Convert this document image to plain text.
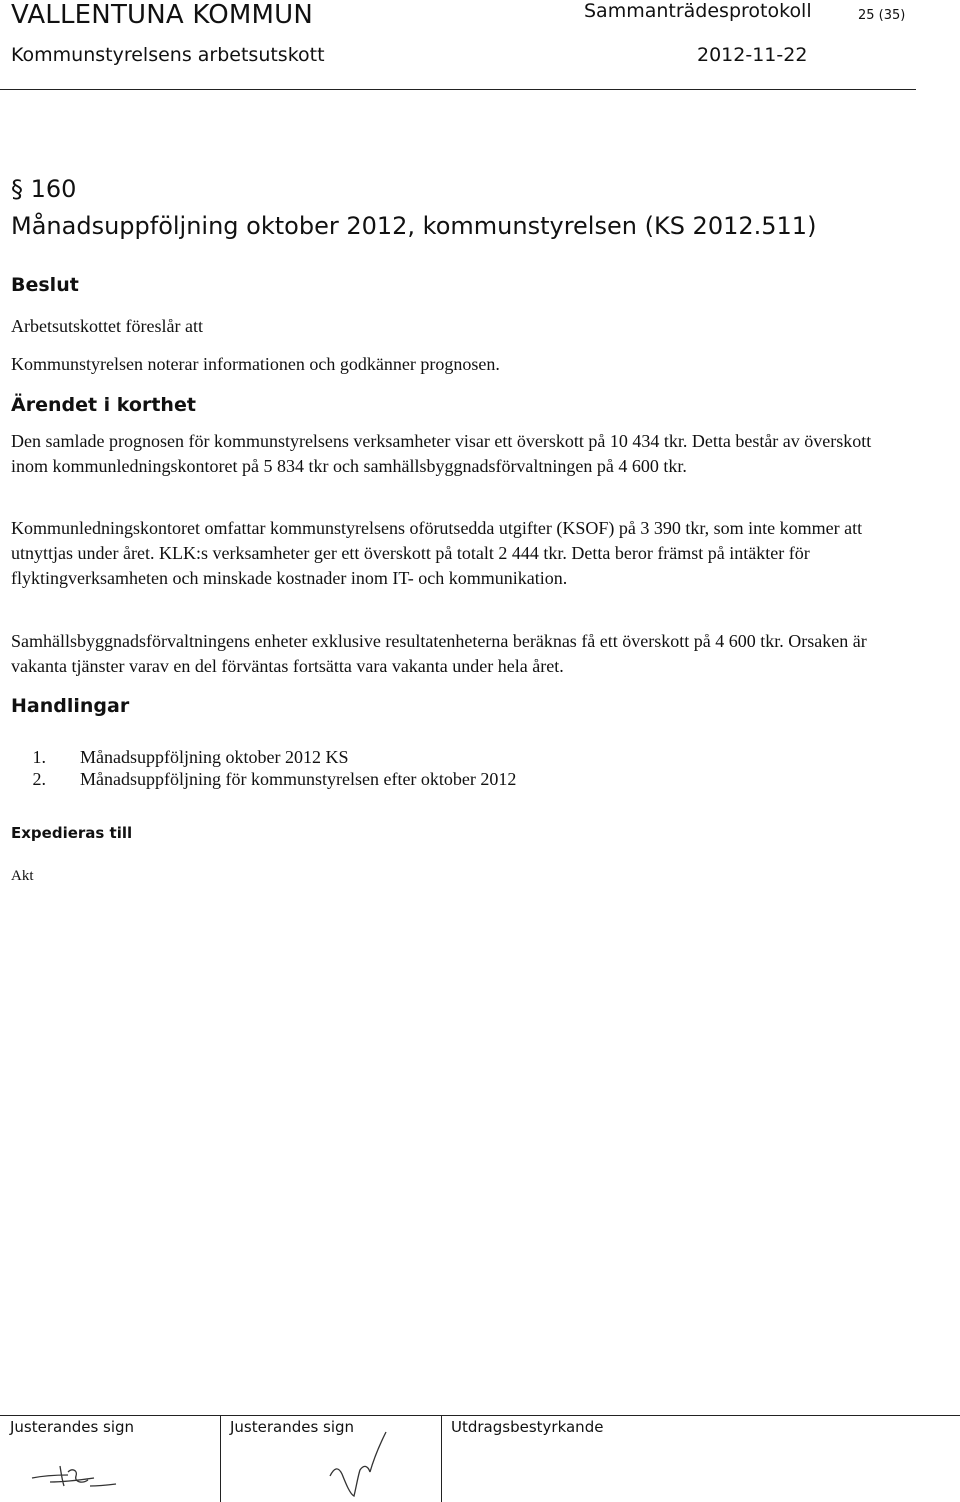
VALLENTUNA KOMMUN	Sammanträdesprotokoll	25 (35)
Kommunstyrelsens arbetsutskott	2012-11-22
§ 160
Månadsuppföljning oktober 2012, kommunstyrelsen (KS 2012.511)
Beslut

Arbetsutskottet föreslår att

Kommunstyrelsen noterar informationen och godkänner prognosen.

Ärendet i korthet

Den samlade prognosen för kommunstyrelsens verksamheter visar ett överskott på 10 434 tkr. Detta består av överskott inom kommunledningskontoret på 5 834 tkr och samhällsbyggnadsförvaltningen på 4 600 tkr.

Kommunledningskontoret omfattar kommunstyrelsens oförutsedda utgifter (KSOF) på 3 390 tkr, som inte kommer att utnyttjas under året. KLK:s verksamheter ger ett överskott på totalt 2 444 tkr. Detta beror främst på intäkter för flyktingverksamheten och minskade kostnader inom IT- och kommunikation.

Samhällsbyggnadsförvaltningens enheter exklusive resultatenheterna beräknas få ett överskott på 4 600 tkr. Orsaken är vakanta tjänster varav en del förväntas fortsätta vara vakanta under hela året.

Handlingar
1.	Månadsuppföljning oktober 2012 KS
2.	Månadsuppföljning för kommunstyrelsen efter oktober 2012
Expedieras till

Akt

Justerandes sign	Justerandes sign	Utdragsbestyrkande
